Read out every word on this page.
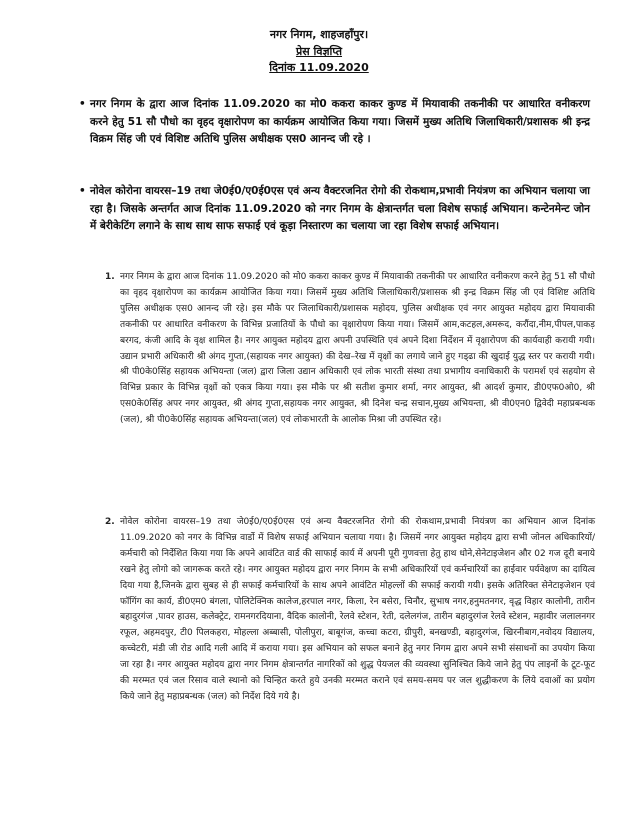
नगर निगम, शाहजहाँपुर।
प्रेस विज्ञप्ति
दिनांक 11.09.2020
• नगर निगम के द्वारा आज दिनांक 11.09.2020 का मो0 ककरा काकर कुण्ड में मियावाकी तकनीकी पर आधारित वनीकरण करने हेतु 51 सौ पौधो का वृहद वृक्षारोपण का कार्यक्रम आयोजित किया गया। जिसमें मुख्य अतिथि जिलाधिकारी/प्रशासक श्री इन्द्र विक्रम सिंह जी एवं विशिष्ट अतिथि पुलिस अधीक्षक एस0 आनन्द जी रहे ।
• नोवेल कोरोना वायरस–19 तथा जे0ई0/ए0ई0एस एवं अन्य वैक्टरजनित रोगो की रोकथाम,प्रभावी नियंत्रण का अभियान चलाया जा रहा है। जिसके अन्तर्गत आज दिनांक 11.09.2020 को नगर निगम के क्षेत्रान्तर्गत चला विशेष सफाई अभियान। कन्टेनमेन्ट जोन में बेरीकेटिंग लगाने के साथ साथ साफ सफाई एवं कूड़ा निस्तारण का चलाया जा रहा विशेष सफाई अभियान।
1. नगर निगम के द्वारा आज दिनांक 11.09.2020 को मो0 ककरा काकर कुण्ड में मियावाकी तकनीकी पर आधारित वनीकरण करने हेतु 51 सौ पौधो का वृहद वृक्षारोपण का कार्यक्रम आयोजित किया गया। जिसमें मुख्य अतिथि जिलाधिकारी/प्रशासक श्री इन्द्र विक्रम सिंह जी एवं विशिष्ट अतिथि पुलिस अधीक्षक एस0 आनन्द जी रहे। इस मौके पर जिलाधिकारी/प्रशासक महोदय, पुलिस अधीक्षक एवं नगर आयुक्त महोदय द्वारा मियावाकी तकनीकी पर आधारित वनीकरण के विभिन्न प्रजातियों के पौधो का वृक्षारोपण किया गया। जिसमें आम,कटहल,अमरूद, करौंदा,नीम,पीपल,पाकड़ बरगद, कंजी आदि के वृक्ष शामिल है। नगर आयुक्त महोदय द्वारा अपनी उपस्थिति एवं अपने दिशा निर्देशन में वृक्षारोपण की कार्यवाही करायी गयी। उद्यान प्रभारी अधिकारी श्री अंगद गुप्ता,(सहायक नगर आयुक्त) की देख–रेख में वृक्षों का लगाये जाने हुए गड्‌ढा की खुदाई युद्ध स्तर पर करायी गयी। श्री पी0के0सिंह सहायक अभियन्ता (जल) द्वारा जिला उद्यान अधिकारी एवं लोक भारती संस्था तथा प्रभागीय वनाधिकारी के परामर्श एवं सहयोग से विभिन्न प्रकार के विभिन्न वृक्षों को एकत्र किया गया। इस मौके पर श्री सतीश कुमार शर्मा, नगर आयुक्त, श्री आदर्श कुमार, डी0एफ0ओ0, श्री एस0के0सिंह अपर नगर आयुक्त, श्री अंगद गुप्ता,सहायक नगर आयुक्त, श्री दिनेश चन्द्र सचान,मुख्य अभियन्ता, श्री वी0एन0 द्विवेदी महाप्रबन्धक (जल), श्री पी0के0सिंह सहायक अभियन्ता(जल) एवं लोकभारती के आलोक मिश्रा जी उपस्थित रहे।
2. नोवेल कोरोना वायरस–19 तथा जे0ई0/ए0ई0एस एवं अन्य वैक्टरजनित रोगो की रोकथाम,प्रभावी नियंत्रण का अभियान आज दिनांक 11.09.2020 को नगर के विभिन्न वार्डो में विशेष सफाई अभियान चलाया गया। है। जिसमें नगर आयुक्त महोदय द्वारा सभी जोनल अधिकारियों/कर्मचारी को निर्देशित किया गया कि अपने आवंटित वार्ड की साफाई कार्य में अपनी पूरी गुणवत्ता हेतु हाथ धोने,सेनेटाइजेशन और 02 गज दूरी बनाये रखने हेतु लोगो को जागरूक करते रहे। नगर आयुक्त महोदय द्वारा नगर निगम के सभी अधिकारियों एवं कर्मचारियों का हाईवार पर्यवेक्षण का दायित्व दिया गया है,जिनके द्वारा सुबह से ही सफाई कर्मचारियों के साथ अपने आवंटित मोहल्लों की सफाई करायी गयी। इसके अतिरिक्त सेनेटाइजेशन एवं फॉगिंग का कार्य, डी0एम0 बंगला, पोलिटेक्निक कालेज,हरपाल नगर, किला, रेन बसेरा, चिनौर, सुभाष नगर,हनुमतनगर, वृद्ध विहार कालोनी, तारीन बहादुरगंज ,पावर हाउस, कलेक्ट्रेट, रामनगरदियाना, वैदिक कालोनी, रेलवे स्टेशन, रेती, दलेलगंज, तारीन बहादुरगंज रेलवे स्टेशन, महावीर जलालनगर रफूल, अहमदपुर, टी0 पिलकहरा, मोहल्ला अब्बासी, पोलीपुरा, बाबूगंज, कच्चा कटरा, ग्रीपुरी, बनखण्डी, बहादुरगंज, खिरनीबाग,नवोदय विद्यालय, कच्चेटरी, मंडी जी रोड आदि गली आदि में कराया गया। इस अभियान को सफल बनाने हेतु नगर निगम द्वारा अपने सभी संसाधनों का उपयोग किया जा रहा है। नगर आयुक्त महोदय द्वारा नगर निगम क्षेत्रान्तर्गत नागरिकों को शुद्ध पेयजल की व्यवस्था सुनिश्चित किये जाने हेतु पंप लाइनों के टूट-फूट की मरम्मत एवं जल रिसाव वाले स्थानो को चिन्हित करते हुये उनकी मरम्मत कराने एवं समय-समय पर जल शुद्धीकरण के लिये दवाओं का प्रयोग किये जाने हेतु महाप्रबन्धक (जल) को निर्देश दिये गये है।
